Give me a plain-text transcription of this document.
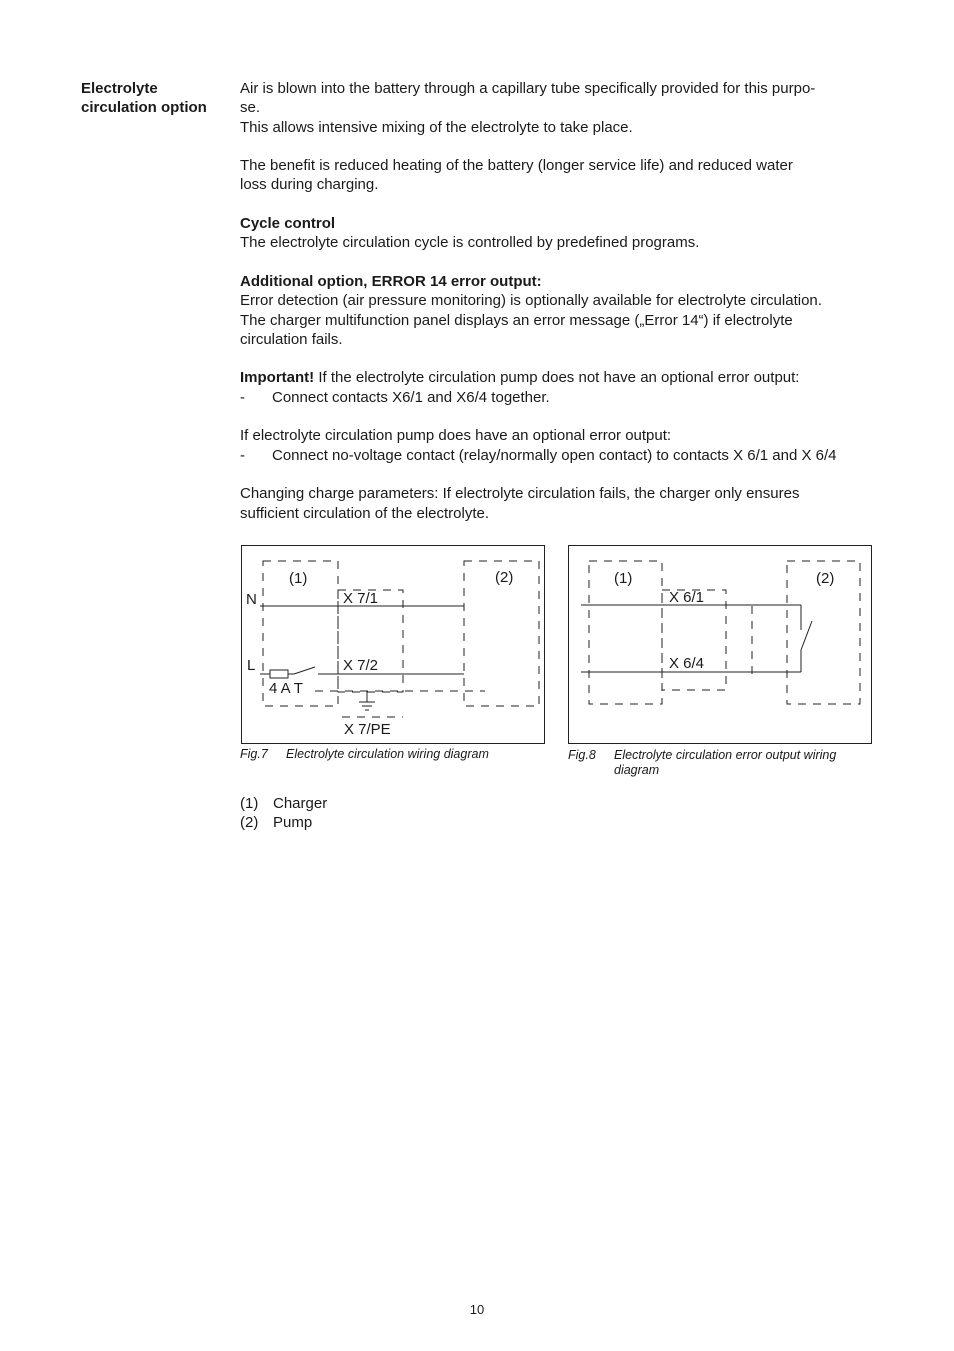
Electrolyte
circulation option

Air is blown into the battery through a capillary tube specifically provided for this purpo-
se.
This allows intensive mixing of the electrolyte to take place.

The benefit is reduced heating of the battery (longer service life) and reduced water
loss during charging.

Cycle control
The electrolyte circulation cycle is controlled by predefined programs.

Additional option, ERROR 14 error output:
Error detection (air pressure monitoring) is optionally available for electrolyte circulation.
The charger multifunction panel displays an error message („Error 14“) if electrolyte
circulation fails.

Important! If the electrolyte circulation pump does not have an optional error output:
- Connect contacts X6/1 and X6/4 together.

If electrolyte circulation pump does have an optional error output:
- Connect no-voltage contact (relay/normally open contact) to contacts X 6/1 and X 6/4

Changing charge parameters: If electrolyte circulation fails, the charger only ensures
sufficient circulation of the electrolyte.

(1)	(2)
N
L
X 7/1
X 7/2
4 A T
X 7/PE
Fig.7 Electrolyte circulation wiring diagram
(1)	(2)
X 6/1
X 6/4
Fig.8 Electrolyte circulation error output wiring diagram
(1) Charger
(2) Pump
10
